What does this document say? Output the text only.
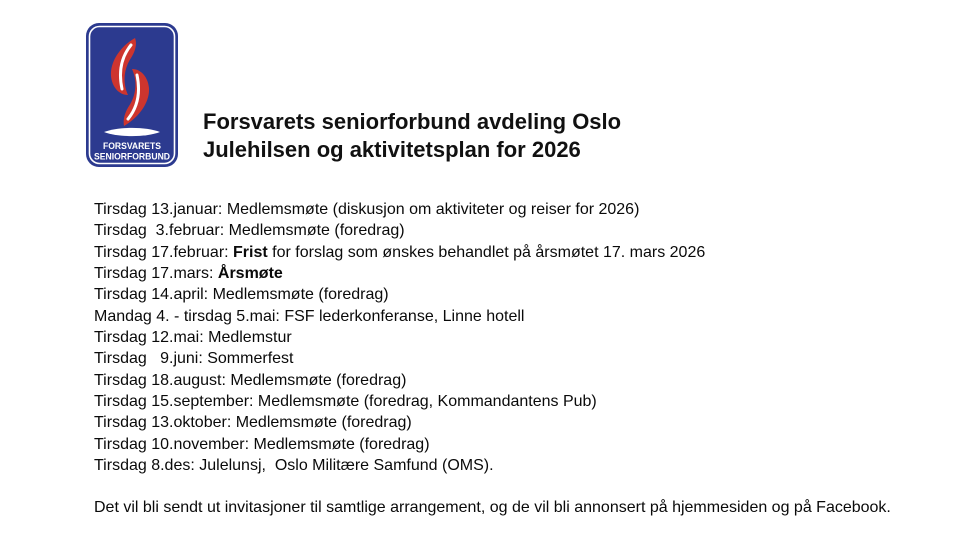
FORSVARETS
SENIORFORBUND
Forsvarets seniorforbund avdeling Oslo
Julehilsen og aktivitetsplan for 2026
Tirsdag 13.januar: Medlemsmøte (diskusjon om aktiviteter og reiser for 2026)
Tirsdag  3.februar: Medlemsmøte (foredrag)
Tirsdag 17.februar: Frist for forslag som ønskes behandlet på årsmøtet 17. mars 2026
Tirsdag 17.mars: Årsmøte
Tirsdag 14.april: Medlemsmøte (foredrag)
Mandag 4. - tirsdag 5.mai: FSF lederkonferanse, Linne hotell
Tirsdag 12.mai: Medlemstur
Tirsdag   9.juni: Sommerfest
Tirsdag 18.august: Medlemsmøte (foredrag)
Tirsdag 15.september: Medlemsmøte (foredrag, Kommandantens Pub)
Tirsdag 13.oktober: Medlemsmøte (foredrag)
Tirsdag 10.november: Medlemsmøte (foredrag)
Tirsdag 8.des: Julelunsj,  Oslo Militære Samfund (OMS).
Det vil bli sendt ut invitasjoner til samtlige arrangement, og de vil bli annonsert på hjemmesiden og på Facebook.
